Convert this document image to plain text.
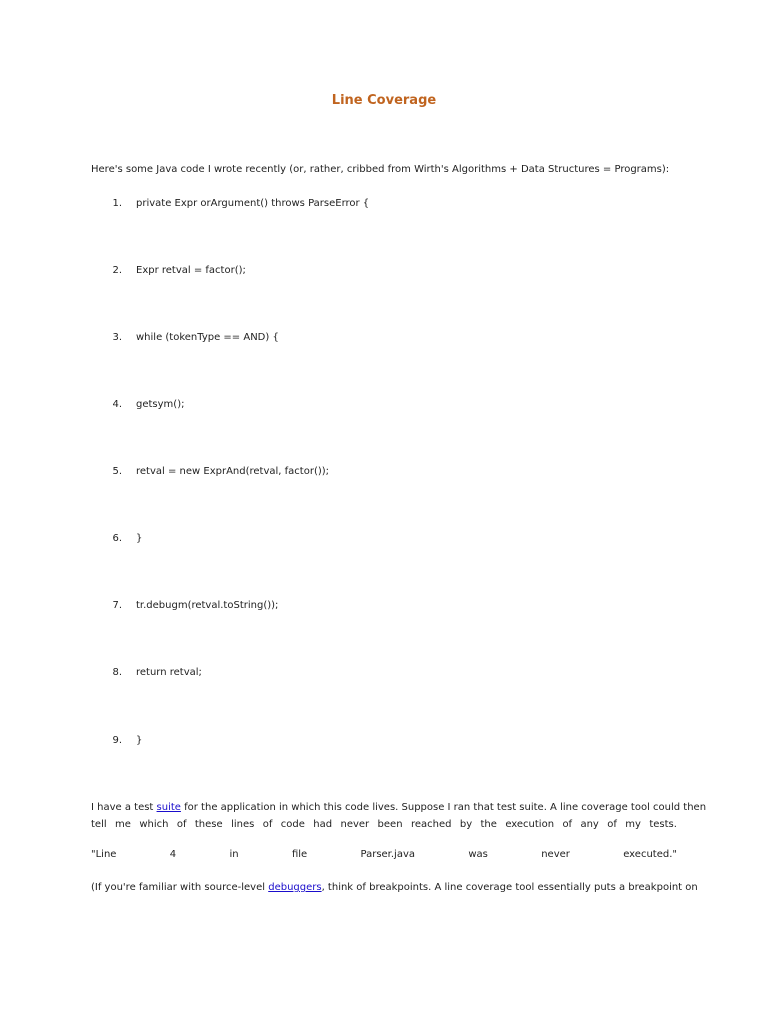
Line Coverage
Here's some Java code I wrote recently (or, rather, cribbed from Wirth's Algorithms + Data Structures = Programs):
1. private Expr orArgument() throws ParseError {
2. Expr retval = factor();
3. while (tokenType == AND) {
4. getsym();
5. retval = new ExprAnd(retval, factor());
6. }
7. tr.debugm(retval.toString());
8. return retval;
9. }
I have a test suite for the application in which this code lives. Suppose I ran that test suite. A line coverage tool could then
tell me which of these lines of code had never been reached by the execution of any of my tests.
"Line	4	in	file	Parser.java	was	never	executed."
(If you're familiar with source-level debuggers, think of breakpoints. A line coverage tool essentially puts a breakpoint on
